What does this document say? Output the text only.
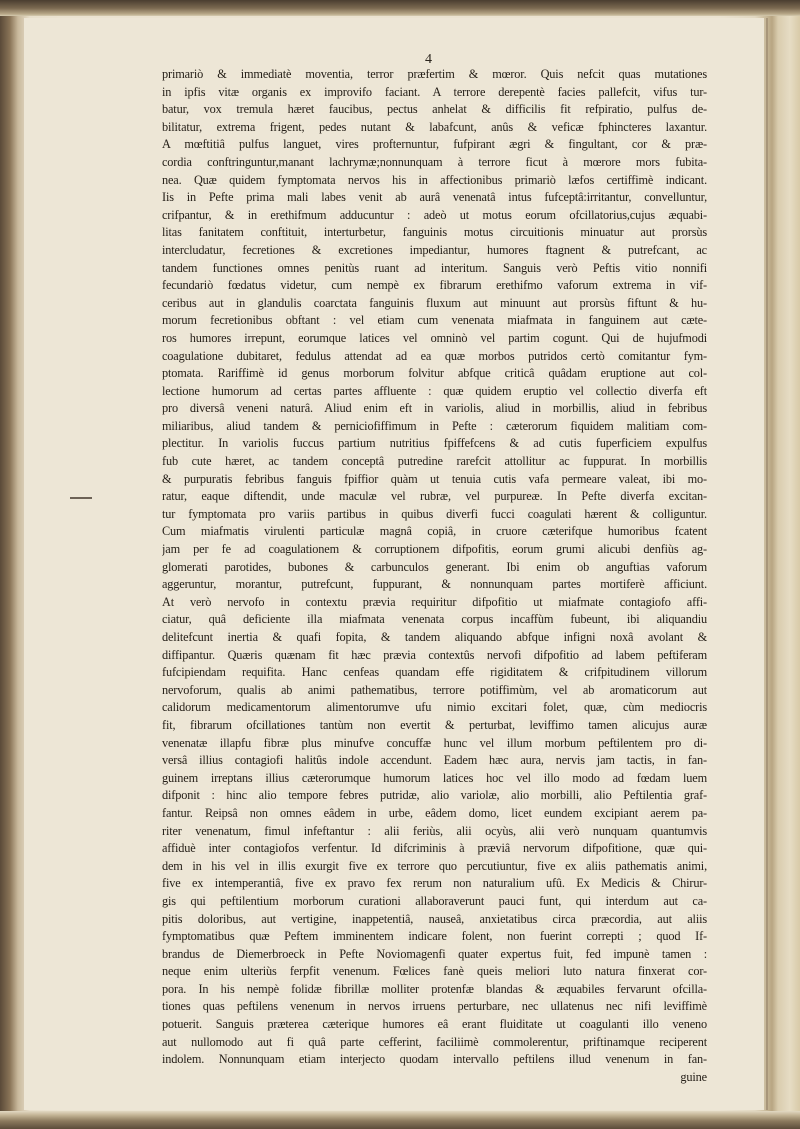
4
primariò & immediatè moventia, terror præfertim & mœror. Quis nefcit quas mutationes
in ipfis vitæ organis ex improvifo faciant. A terrore derepentè facies pallefcit, vifus tur-
batur, vox tremula hæret faucibus, pectus anhelat & difficilis fit refpiratio, pulfus de-
bilitatur, extrema frigent, pedes nutant & labafcunt, anûs & veficæ fphincteres laxantur.
A mœftitiâ pulfus languet, vires profternuntur, fufpirant ægri & fingultant, cor & præ-
cordia conftringuntur,manant lachrymæ;nonnunquam à terrore ficut à mœrore mors fubita-
nea. Quæ quidem fymptomata nervos his in affectionibus primariò læfos certiffimè indicant.
Iis in Pefte prima mali labes venit ab aurâ venenatâ intus fufceptâ:irritantur, convelluntur,
crifpantur, & in erethifmum adducuntur : adeò ut motus eorum ofcillatorius,cujus æquabi-
litas fanitatem conftituit, interturbetur, fanguinis motus circuitionis minuatur aut prorsùs
intercludatur, fecretiones & excretiones impediantur, humores ftagnent & putrefcant, ac
tandem functiones omnes penitùs ruant ad interitum. Sanguis verò Peftis vitio nonnifi
fecundariò fœdatus videtur, cum nempè ex fibrarum erethifmo vaforum extrema in vif-
ceribus aut in glandulis coarctata fanguinis fluxum aut minuunt aut prorsùs fiftunt & hu-
morum fecretionibus obftant : vel etiam cum venenata miafmata in fanguinem aut cæte-
ros humores irrepunt, eorumque latices vel omninò vel partim cogunt. Qui de hujufmodi
coagulatione dubitaret, fedulus attendat ad ea quæ morbos putridos certò comitantur fym-
ptomata. Rariffimè id genus morborum folvitur abfque criticâ quâdam eruptione aut col-
lectione humorum ad certas partes affluente : quæ quidem eruptio vel collectio diverfa eft
pro diversâ veneni naturâ. Aliud enim eft in variolis, aliud in morbillis, aliud in febribus
miliaribus, aliud tandem & perniciofiffimum in Pefte : cæterorum fiquidem malitiam com-
plectitur. In variolis fuccus partium nutritius fpiffefcens & ad cutis fuperficiem expulfus
fub cute hæret, ac tandem conceptâ putredine rarefcit attollitur ac fuppurat. In morbillis
& purpuratis febribus fanguis fpiffior quàm ut tenuia cutis vafa permeare valeat, ibi mo-
ratur, eaque diftendit, unde maculæ vel rubræ, vel purpureæ. In Pefte diverfa excitan-
tur fymptomata pro variis partibus in quibus diverfi fucci coagulati hærent & colliguntur.
Cum miafmatis virulenti particulæ magnâ copiâ, in cruore cæterifque humoribus fcatent
jam per fe ad coagulationem & corruptionem difpofitis, eorum grumi alicubi denfiùs ag-
glomerati parotides, bubones & carbunculos generant. Ibi enim ob anguftias vaforum
aggeruntur, morantur, putrefcunt, fuppurant, & nonnunquam partes mortiferè afficiunt.
At verò nervofo in contextu prævia requiritur difpofitio ut miafmate contagiofo affi-
ciatur, quâ deficiente illa miafmata venenata corpus incaffùm fubeunt, ibi aliquandiu
delitefcunt inertia & quafi fopita, & tandem aliquando abfque infigni noxâ avolant &
diffipantur. Quæris quænam fit hæc prævia contextûs nervofi difpofitio ad labem peftiferam
fufcipiendam requifita. Hanc cenfeas quandam effe rigiditatem & crifpitudinem villorum
nervoforum, qualis ab animi pathematibus, terrore potiffimùm, vel ab aromaticorum aut
calidorum medicamentorum alimentorumve ufu nimio excitari folet, quæ, cùm mediocris
fit, fibrarum ofcillationes tantùm non evertit & perturbat, leviffimo tamen alicujus auræ
venenatæ illapfu fibræ plus minufve concuffæ hunc vel illum morbum peftilentem pro di-
versâ illius contagiofi halitûs indole accendunt. Eadem hæc aura, nervis jam tactis, in fan-
guinem irreptans illius cæterorumque humorum latices hoc vel illo modo ad fœdam luem
difponit : hinc alio tempore febres putridæ, alio variolæ, alio morbilli, alio Peftilentia graf-
fantur. Reipsâ non omnes eâdem in urbe, eâdem domo, licet eundem excipiant aerem pa-
riter venenatum, fimul infeftantur : alii feriùs, alii ocyùs, alii verò nunquam quantumvis
affiduè inter contagiofos verfentur. Id difcriminis à præviâ nervorum difpofitione, quæ qui-
dem in his vel in illis exurgit five ex terrore quo percutiuntur, five ex aliis pathematis animi,
five ex intemperantiâ, five ex pravo fex rerum non naturalium ufû. Ex Medicis & Chirur-
gis qui peftilentium morborum curationi allaboraverunt pauci funt, qui interdum aut ca-
pitis doloribus, aut vertigine, inappetentiâ, nauseâ, anxietatibus circa præcordia, aut aliis
fymptomatibus quæ Peftem imminentem indicare folent, non fuerint correpti ; quod If-
brandus de Diemerbroeck in Pefte Noviomagenfi quater expertus fuit, fed impunè tamen :
neque enim ulteriùs ferpfit venenum. Fœlices fanè queis meliori luto natura finxerat cor-
pora. In his nempè folidæ fibrillæ molliter protenfæ blandas & æquabiles fervarunt ofcilla-
tiones quas peftilens venenum in nervos irruens perturbare, nec ullatenus nec nifi leviffimè
potuerit. Sanguis præterea cæterique humores eâ erant fluiditate ut coagulanti illo veneno
aut nullomodo aut fi quâ parte cefferint, faciliimè commolerentur, priftinamque reciperent
indolem. Nonnunquam etiam interjecto quodam intervallo peftilens illud venenum in fan-
guine
